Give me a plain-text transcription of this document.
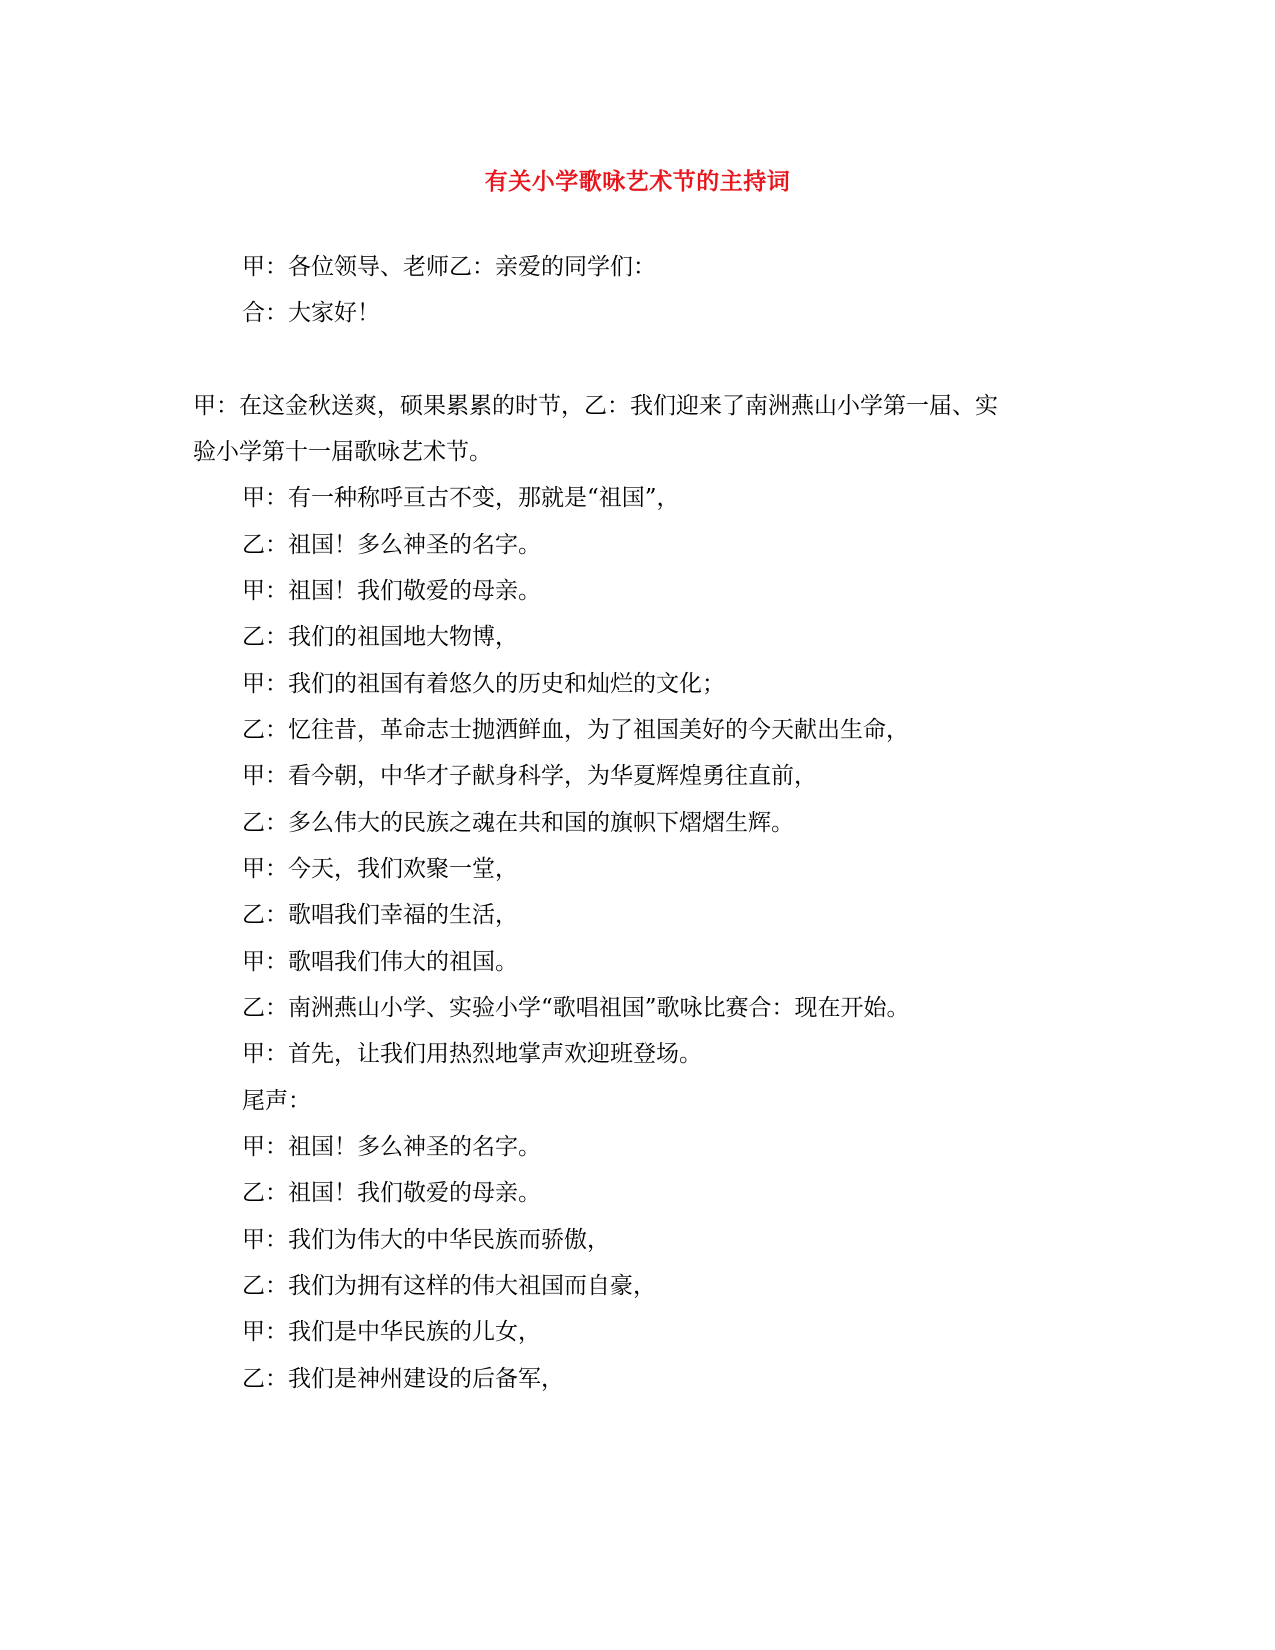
有关小学歌咏艺术节的主持词
甲：各位领导、老师乙：亲爱的同学们：
合：大家好！
甲：在这金秋送爽，硕果累累的时节，乙：我们迎来了南洲燕山小学第一届、实
验小学第十一届歌咏艺术节。
甲：有一种称呼亘古不变，那就是“祖国”，
乙：祖国！多么神圣的名字。
甲：祖国！我们敬爱的母亲。
乙：我们的祖国地大物博，
甲：我们的祖国有着悠久的历史和灿烂的文化；
乙：忆往昔，革命志士抛洒鲜血，为了祖国美好的今天献出生命，
甲：看今朝，中华才子献身科学，为华夏辉煌勇往直前，
乙：多么伟大的民族之魂在共和国的旗帜下熠熠生辉。
甲：今天，我们欢聚一堂，
乙：歌唱我们幸福的生活，
甲：歌唱我们伟大的祖国。
乙：南洲燕山小学、实验小学“歌唱祖国”歌咏比赛合：现在开始。
甲：首先，让我们用热烈地掌声欢迎班登场。
尾声：
甲：祖国！多么神圣的名字。
乙：祖国！我们敬爱的母亲。
甲：我们为伟大的中华民族而骄傲，
乙：我们为拥有这样的伟大祖国而自豪，
甲：我们是中华民族的儿女，
乙：我们是神州建设的后备军，
